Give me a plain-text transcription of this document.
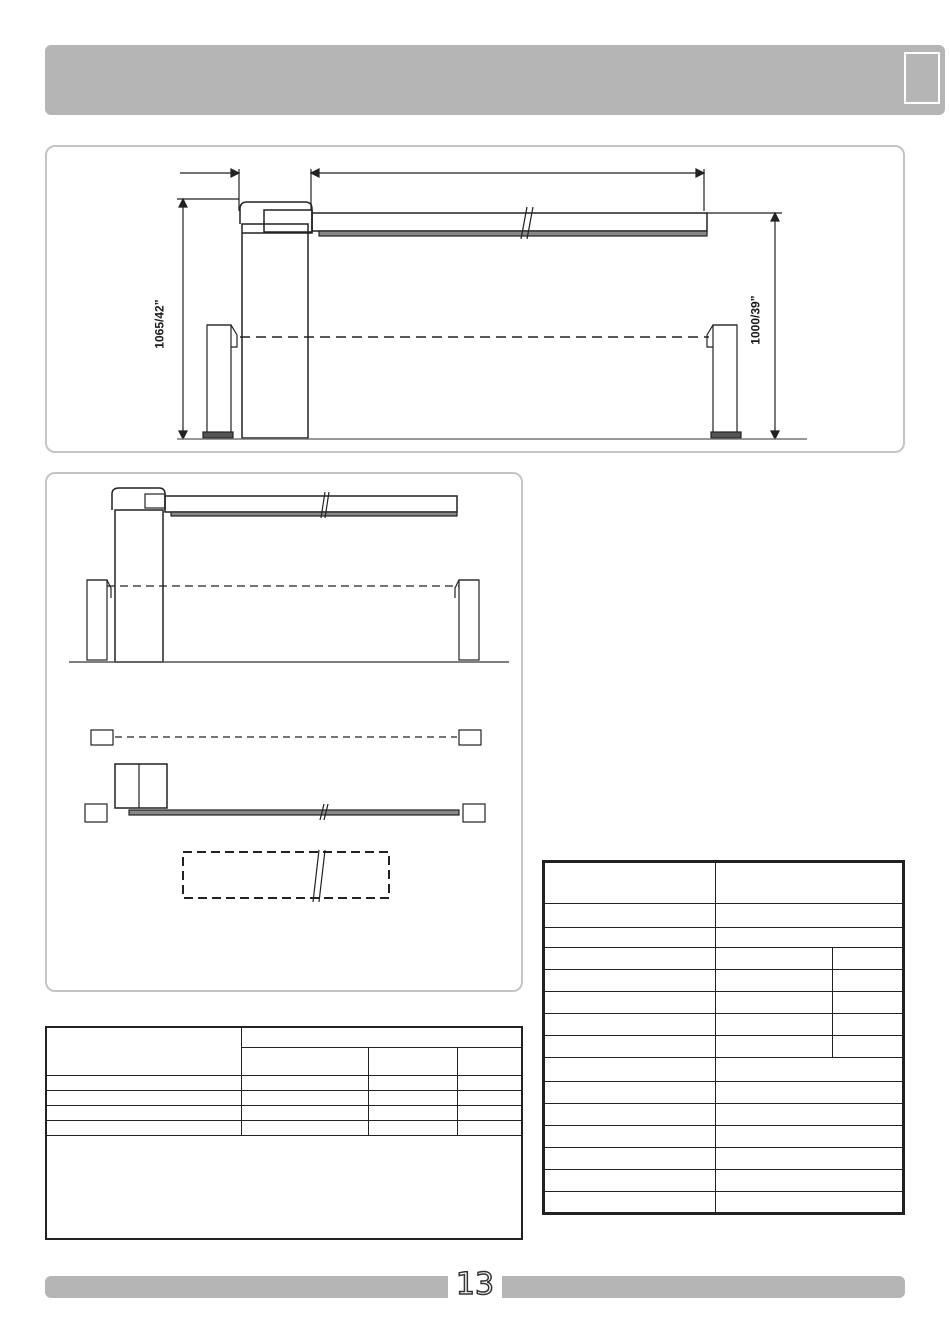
1065/42”	1000/39”

13
